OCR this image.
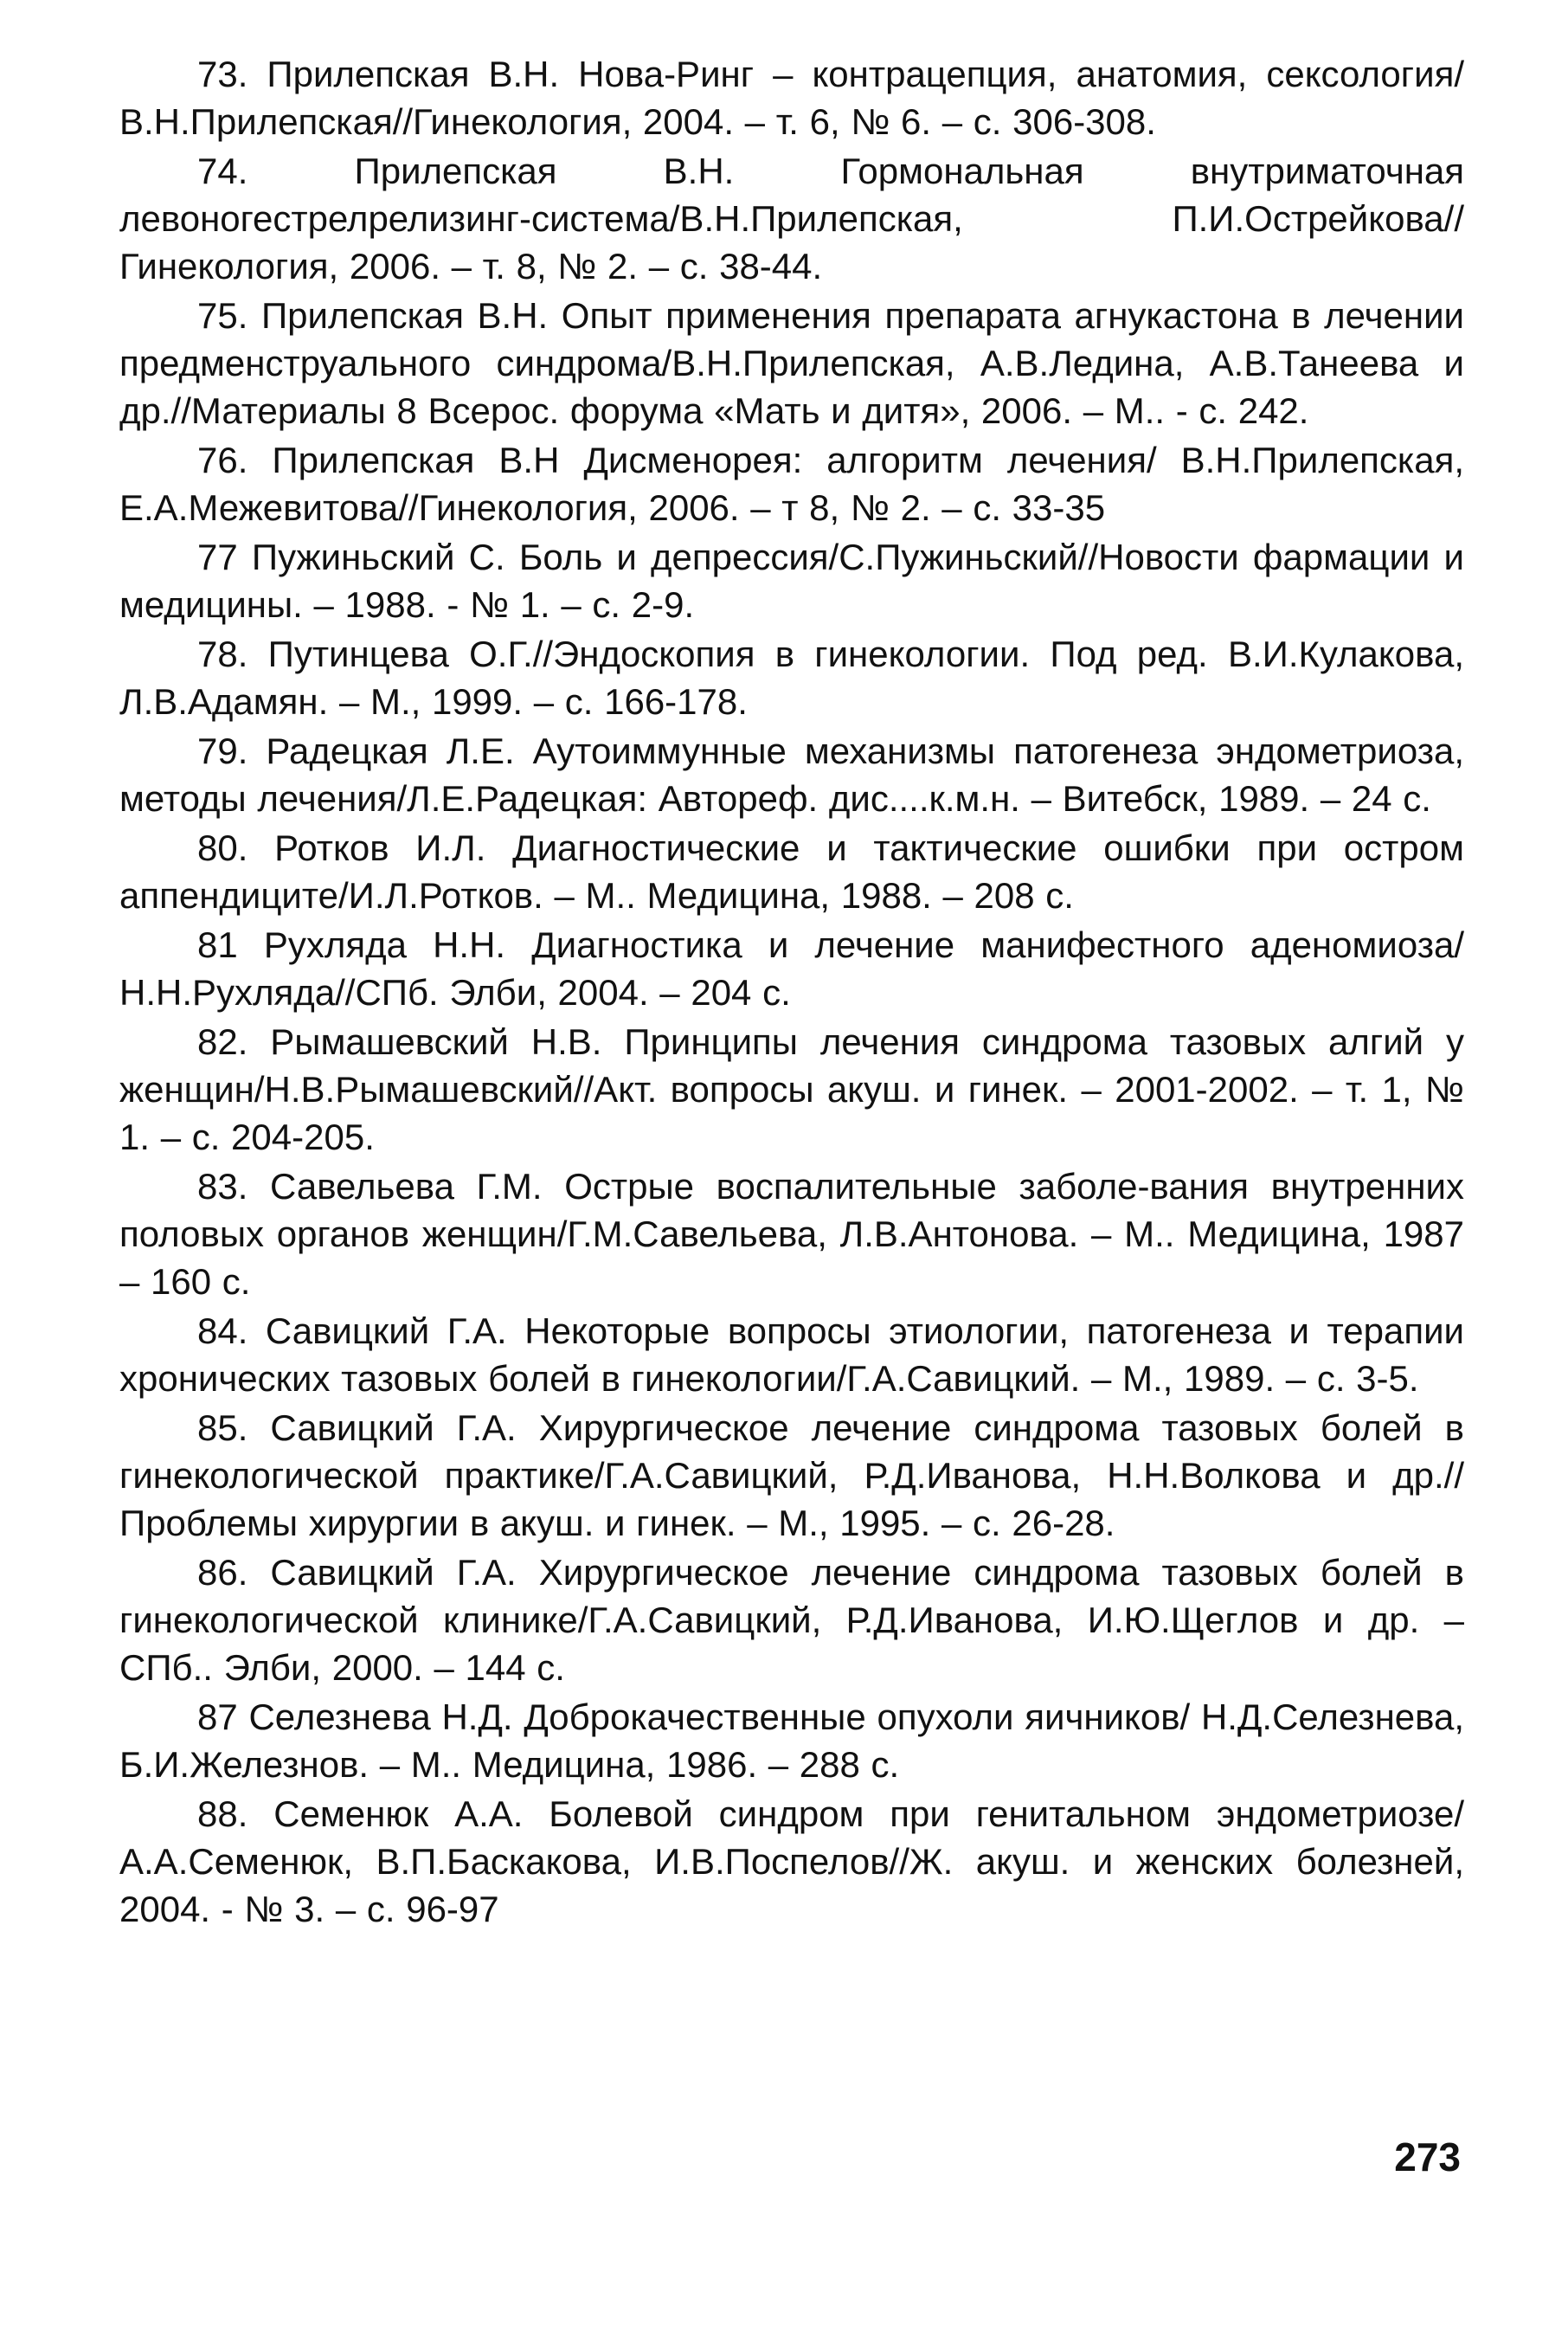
73. Прилепская В.Н. Нова-Ринг – контрацепция, анатомия, сексология/В.Н.Прилепская//Гинекология, 2004. – т. 6, № 6. – с. 306-308.
74. Прилепская В.Н. Гормональная внутриматочная левоногестрелрелизинг-система/В.Н.Прилепская, П.И.Острейкова//Гинекология, 2006. – т. 8, № 2. – с. 38-44.
75. Прилепская В.Н. Опыт применения препарата агнукастона в лечении предменструального синдрома/В.Н.Прилепская, А.В.Ледина, А.В.Танеева и др.//Материалы 8 Всерос. форума «Мать и дитя», 2006. – М.. - с. 242.
76. Прилепская В.Н Дисменорея: алгоритм лечения/ В.Н.Прилепская, Е.А.Межевитова//Гинекология, 2006. – т 8, № 2. – с. 33-35
77 Пужиньский С. Боль и депрессия/С.Пужиньский//Новости фармации и медицины. – 1988. - № 1. – с. 2-9.
78. Путинцева О.Г.//Эндоскопия в гинекологии. Под ред. В.И.Кулакова, Л.В.Адамян. – М., 1999. – с. 166-178.
79. Радецкая Л.Е. Аутоиммунные механизмы патогенеза эндометриоза, методы лечения/Л.Е.Радецкая: Автореф. дис....к.м.н. – Витебск, 1989. – 24 с.
80. Ротков И.Л. Диагностические и тактические ошибки при остром аппендиците/И.Л.Ротков. – М.. Медицина, 1988. – 208 с.
81 Рухляда Н.Н. Диагностика и лечение манифестного аденомиоза/Н.Н.Рухляда//СПб. Элби, 2004. – 204 с.
82. Рымашевский Н.В. Принципы лечения синдрома тазовых алгий у женщин/Н.В.Рымашевский//Акт. вопросы акуш. и гинек. – 2001-2002. – т. 1, № 1. – с. 204-205.
83. Савельева Г.М. Острые воспалительные заболе-вания внутренних половых органов женщин/Г.М.Савельева, Л.В.Антонова. – М.. Медицина, 1987 – 160 с.
84. Савицкий Г.А. Некоторые вопросы этиологии, патогенеза и терапии хронических тазовых болей в гинекологии/Г.А.Савицкий. – М., 1989. – с. 3-5.
85. Савицкий Г.А. Хирургическое лечение синдрома тазовых болей в гинекологической практике/Г.А.Савицкий, Р.Д.Иванова, Н.Н.Волкова и др.//Проблемы хирургии в акуш. и гинек. – М., 1995. – с. 26-28.
86. Савицкий Г.А. Хирургическое лечение синдрома тазовых болей в гинекологической клинике/Г.А.Савицкий, Р.Д.Иванова, И.Ю.Щеглов и др. – СПб.. Элби, 2000. – 144 с.
87 Селезнева Н.Д. Доброкачественные опухоли яичников/ Н.Д.Селезнева, Б.И.Железнов. – М.. Медицина, 1986. – 288 с.
88. Семенюк А.А. Болевой синдром при генитальном эндометриозе/ А.А.Семенюк, В.П.Баскакова, И.В.Поспелов//Ж. акуш. и женских болезней, 2004. - № 3. – с. 96-97
273
